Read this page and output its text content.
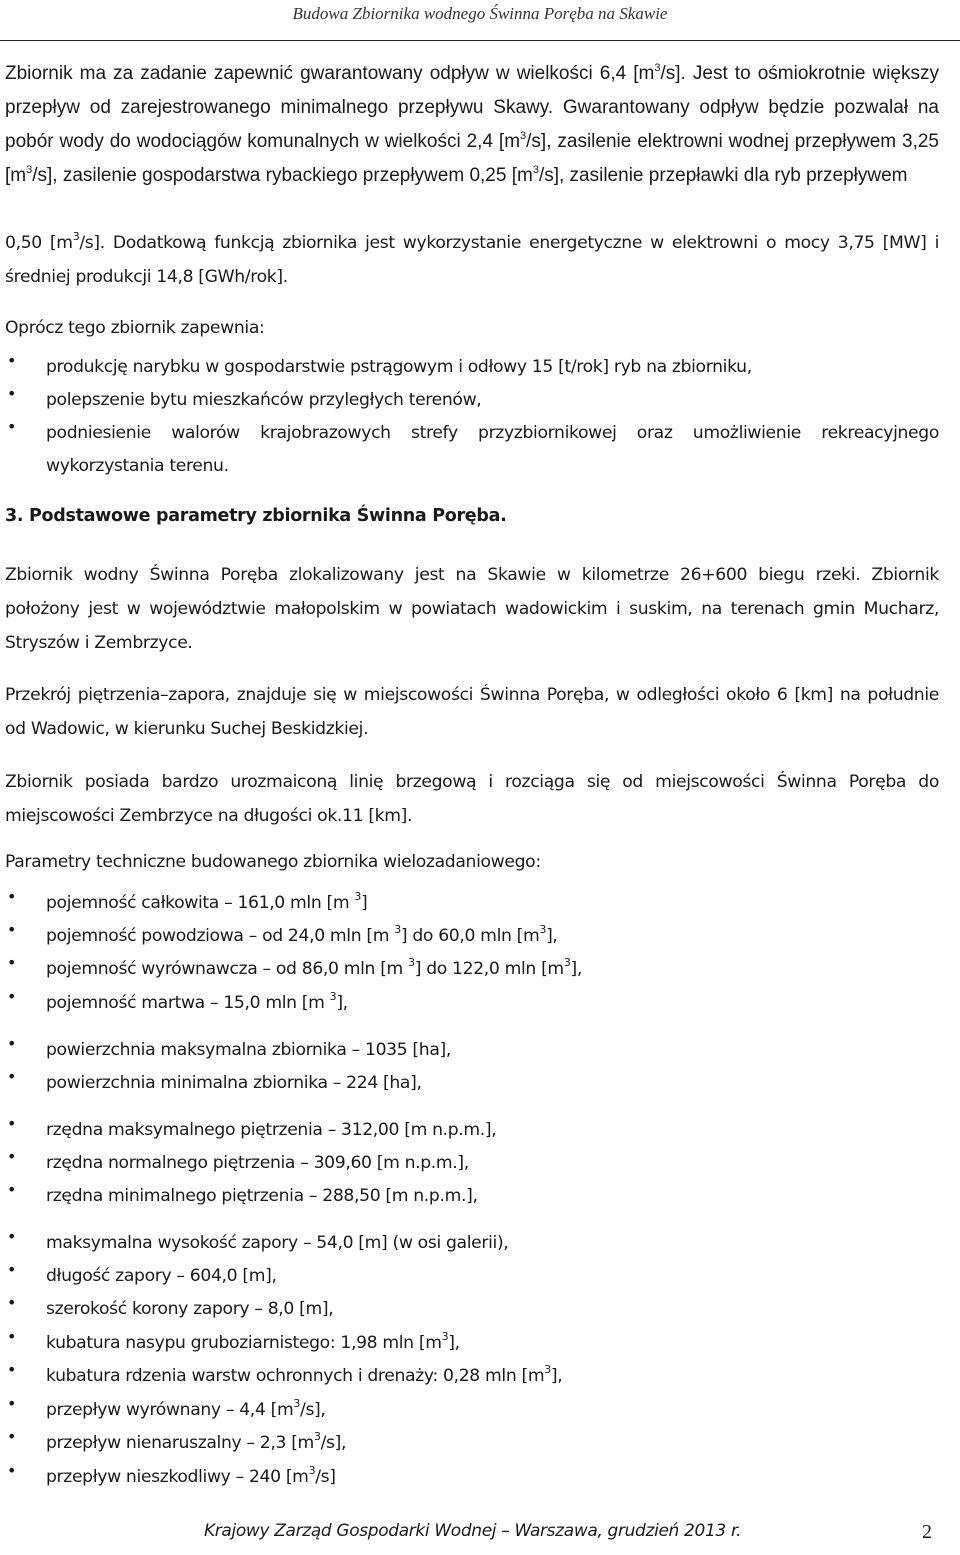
Budowa Zbiornika wodnego Świnna Poręba na Skawie
Zbiornik ma za zadanie zapewnić gwarantowany odpływ w wielkości 6,4 $[m^3/s]$. Jest to ośmiokrotnie większy przepływ od zarejestrowanego minimalnego przepływu Skawy. Gwarantowany odpływ będzie pozwalał na pobór wody do wodociągów komunalnych w wielkości 2,4 $[m^3/s]$, zasilenie elektrowni wodnej przepływem 3,25 $[m^3/s]$, zasilenie gospodarstwa rybackiego przepływem 0,25 $[m^3/s]$, zasilenie przepławki dla ryb przepływem
0,50 $[m^3/s]$. Dodatkową funkcją zbiornika jest wykorzystanie energetyczne w elektrowni o mocy 3,75 [MW] i średniej produkcji 14,8 [GWh/rok].
Oprócz tego zbiornik zapewnia:
• produkcję narybku w gospodarstwie pstrągowym i odłowy 15 [t/rok] ryb na zbiorniku,
• polepszenie bytu mieszkańców przyległych terenów,
• podniesienie walorów krajobrazowych strefy przyzbiornikowej oraz umożliwienie rekreacyjnego wykorzystania terenu.
3. Podstawowe parametry zbiornika Świnna Poręba.
Zbiornik wodny Świnna Poręba zlokalizowany jest na Skawie w kilometrze 26+600 biegu rzeki. Zbiornik położony jest w województwie małopolskim w powiatach wadowickim i suskim, na terenach gmin Mucharz, Stryszów i Zembrzyce.
Przekrój piętrzenia–zapora, znajduje się w miejscowości Świnna Poręba, w odległości około 6 [km] na południe od Wadowic, w kierunku Suchej Beskidzkiej.
Zbiornik posiada bardzo urozmaiconą linię brzegową i rozciąga się od miejscowości Świnna Poręba do miejscowości Zembrzyce na długości ok.11 [km].
Parametry techniczne budowanego zbiornika wielozadaniowego:
• pojemność całkowita – 161,0 mln [m $^3$]
• pojemność powodziowa – od 24,0 mln [m $^3$] do 60,0 mln $[m^3]$,
• pojemność wyrównawcza – od 86,0 mln [m $^3$] do 122,0 mln $[m^3]$,
• pojemność martwa – 15,0 mln [m $^3$],
• powierzchnia maksymalna zbiornika – 1035 [ha],
• powierzchnia minimalna zbiornika – 224 [ha],
• rzędna maksymalnego piętrzenia – 312,00 [m n.p.m.],
• rzędna normalnego piętrzenia – 309,60 [m n.p.m.],
• rzędna minimalnego piętrzenia – 288,50 [m n.p.m.],
• maksymalna wysokość zapory – 54,0 [m] (w osi galerii),
• długość zapory – 604,0 [m],
• szerokość korony zapory – 8,0 [m],
• kubatura nasypu gruboziarnistego: 1,98 mln $[m^3]$,
• kubatura rdzenia warstw ochronnych i drenaży: 0,28 mln $[m^3]$,
• przepływ wyrównany – 4,4 $[m^3/s]$,
• przepływ nienaruszalny – 2,3 $[m^3/s]$,
• przepływ nieszkodliwy – 240 $[m^3/s]$
Krajowy Zarząd Gospodarki Wodnej – Warszawa, grudzień 2013 r.	2
